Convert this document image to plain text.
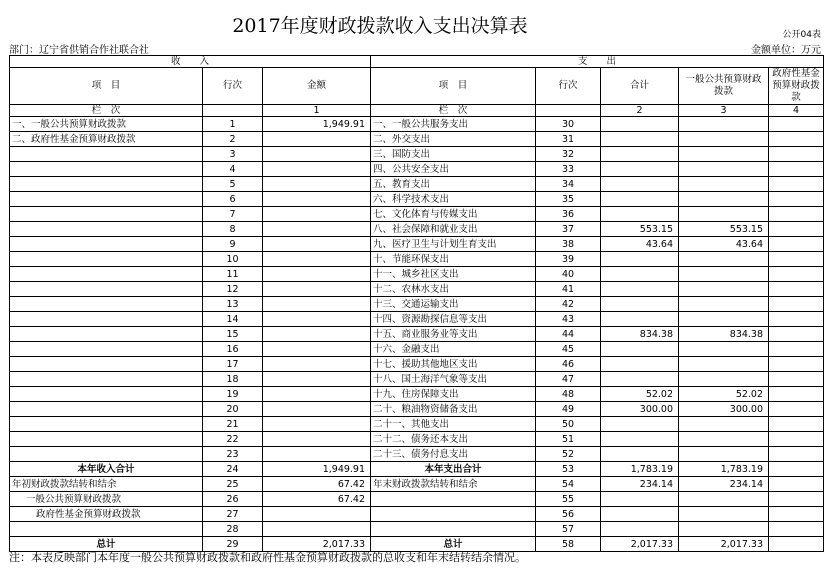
2017年度财政拨款收入支出决算表	公开04表
部门：辽宁省供销合作社联合社	金额单位：万元
收　　入			支　　出				
项　目	行次	金额	项　目	行次	合计	一般公共预算财政拨款	政府性基金预算财政拨款
栏　次		1	栏　次		2	3	4
一、一般公共预算财政拨款	1	1,949.91	一、一般公共服务支出	30			
二、政府性基金预算财政拨款	2		二、外交支出	31			
	3		三、国防支出	32			
	4		四、公共安全支出	33			
	5		五、教育支出	34			
	6		六、科学技术支出	35			
	7		七、文化体育与传媒支出	36			
	8		八、社会保障和就业支出	37	553.15	553.15	
	9		九、医疗卫生与计划生育支出	38	43.64	43.64	
	10		十、节能环保支出	39			
	11		十一、城乡社区支出	40			
	12		十二、农林水支出	41			
	13		十三、交通运输支出	42			
	14		十四、资源勘探信息等支出	43			
	15		十五、商业服务业等支出	44	834.38	834.38	
	16		十六、金融支出	45			
	17		十七、援助其他地区支出	46			
	18		十八、国土海洋气象等支出	47			
	19		十九、住房保障支出	48	52.02	52.02	
	20		二十、粮油物资储备支出	49	300.00	300.00	
	21		二十一、其他支出	50			
	22		二十二、债务还本支出	51			
	23		二十三、债务付息支出	52			
本年收入合计	24	1,949.91	本年支出合计	53	1,783.19	1,783.19	
年初财政拨款结转和结余	25	67.42	年末财政拨款结转和结余	54	234.14	234.14	
一般公共预算财政拨款	26	67.42		55			
政府性基金预算财政拨款	27			56			
	28			57			
总计	29	2,017.33	总计	58	2,017.33	2,017.33	
注：本表反映部门本年度一般公共预算财政拨款和政府性基金预算财政拨款的总收支和年末结转结余情况。
